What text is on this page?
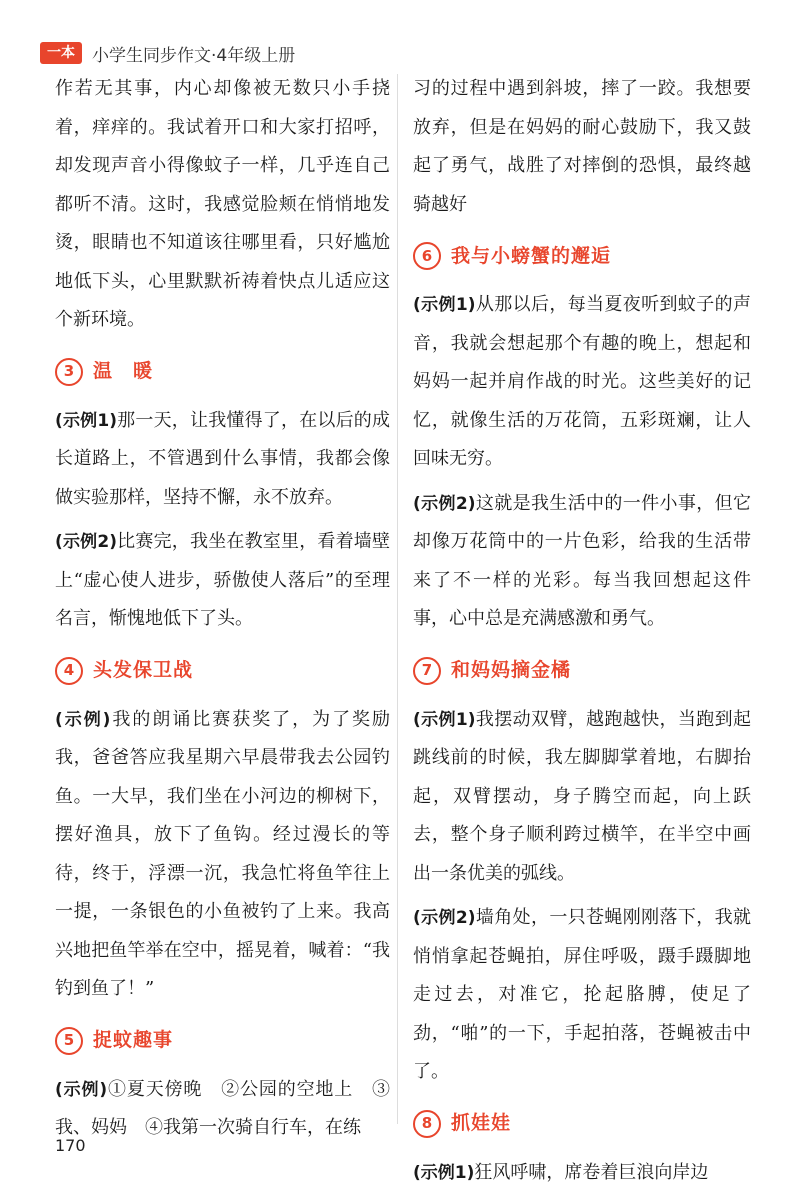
一本	小学生同步作文·4年级上册

作若无其事，内心却像被无数只小手挠着，痒痒的。我试着开口和大家打招呼，却发现声音小得像蚊子一样，几乎连自己都听不清。这时，我感觉脸颊在悄悄地发烫，眼睛也不知道该往哪里看，只好尴尬地低下头，心里默默祈祷着快点儿适应这个新环境。

3 温　暖

(示例1)那一天，让我懂得了，在以后的成长道路上，不管遇到什么事情，我都会像做实验那样，坚持不懈，永不放弃。

(示例2)比赛完，我坐在教室里，看着墙壁上“虚心使人进步，骄傲使人落后”的至理名言，惭愧地低下了头。

4 头发保卫战

(示例)我的朗诵比赛获奖了，为了奖励我，爸爸答应我星期六早晨带我去公园钓鱼。一大早，我们坐在小河边的柳树下，摆好渔具，放下了鱼钩。经过漫长的等待，终于，浮漂一沉，我急忙将鱼竿往上一提，一条银色的小鱼被钓了上来。我高兴地把鱼竿举在空中，摇晃着，喊着：“我钓到鱼了！”

5 捉蚊趣事

(示例)①夏天傍晚　②公园的空地上　③我、妈妈　④我第一次骑自行车，在练

习的过程中遇到斜坡，摔了一跤。我想要放弃，但是在妈妈的耐心鼓励下，我又鼓起了勇气，战胜了对摔倒的恐惧，最终越骑越好

6 我与小螃蟹的邂逅

(示例1)从那以后，每当夏夜听到蚊子的声音，我就会想起那个有趣的晚上，想起和妈妈一起并肩作战的时光。这些美好的记忆，就像生活的万花筒，五彩斑斓，让人回味无穷。

(示例2)这就是我生活中的一件小事，但它却像万花筒中的一片色彩，给我的生活带来了不一样的光彩。每当我回想起这件事，心中总是充满感激和勇气。

7 和妈妈摘金橘

(示例1)我摆动双臂，越跑越快，当跑到起跳线前的时候，我左脚脚掌着地，右脚抬起，双臂摆动，身子腾空而起，向上跃去，整个身子顺利跨过横竿，在半空中画出一条优美的弧线。

(示例2)墙角处，一只苍蝇刚刚落下，我就悄悄拿起苍蝇拍，屏住呼吸，蹑手蹑脚地走过去，对准它，抡起胳膊，使足了劲，“啪”的一下，手起拍落，苍蝇被击中了。

8 抓娃娃

(示例1)狂风呼啸，席卷着巨浪向岸边

170
